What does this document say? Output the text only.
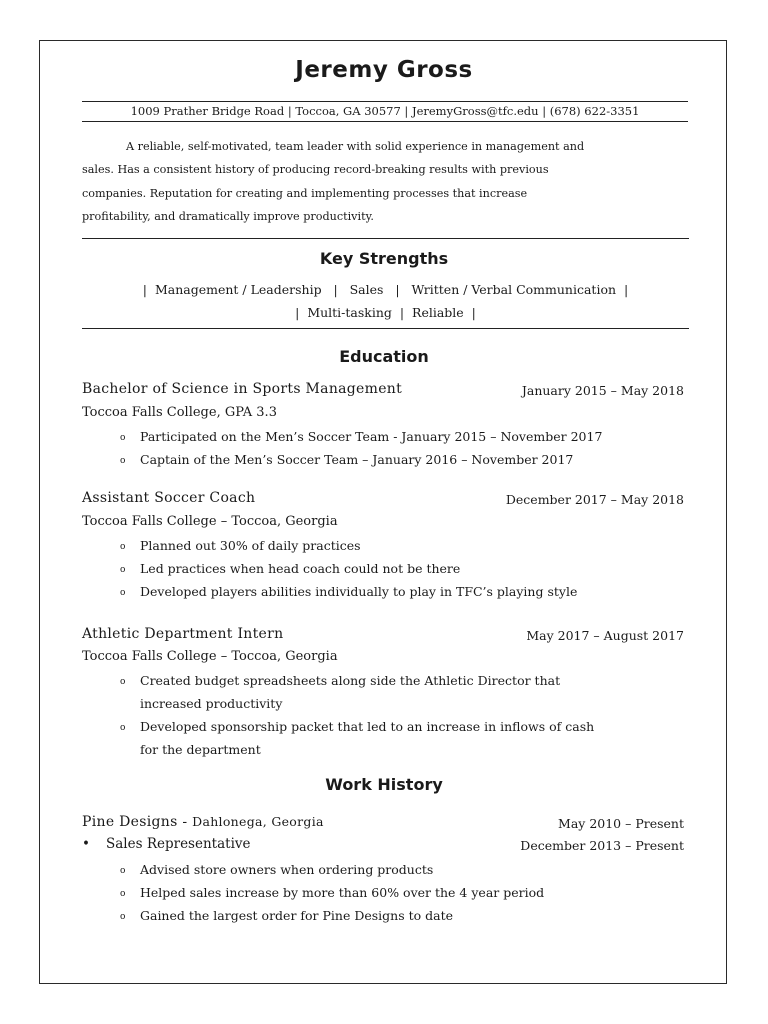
Jeremy Gross
1009 Prather Bridge Road | Toccoa, GA 30577 | JeremyGross@tfc.edu | (678) 622-3351
A reliable, self-motivated, team leader with solid experience in management and
sales. Has a consistent history of producing record-breaking results with previous
companies. Reputation for creating and implementing processes that increase
profitability, and dramatically improve productivity.
Key Strengths
|  Management / Leadership   |   Sales   |   Written / Verbal Communication  |
|  Multi-tasking  |  Reliable  |
Education
Bachelor of Science in Sports Management	January 2015 – May 2018
Toccoa Falls College, GPA 3.3
o Participated on the Men’s Soccer Team - January 2015 – November 2017
o Captain of the Men’s Soccer Team – January 2016 – November 2017
Assistant Soccer Coach	December 2017 – May 2018
Toccoa Falls College – Toccoa, Georgia
o Planned out 30% of daily practices
o Led practices when head coach could not be there
o Developed players abilities individually to play in TFC’s playing style
Athletic Department Intern	May 2017 – August 2017
Toccoa Falls College – Toccoa, Georgia
o Created budget spreadsheets along side the Athletic Director that
increased productivity
o Developed sponsorship packet that led to an increase in inflows of cash
for the department
Work History
Pine Designs - Dahlonega, Georgia	May 2010 – Present
• Sales Representative	December 2013 – Present
o Advised store owners when ordering products
o Helped sales increase by more than 60% over the 4 year period
o Gained the largest order for Pine Designs to date
